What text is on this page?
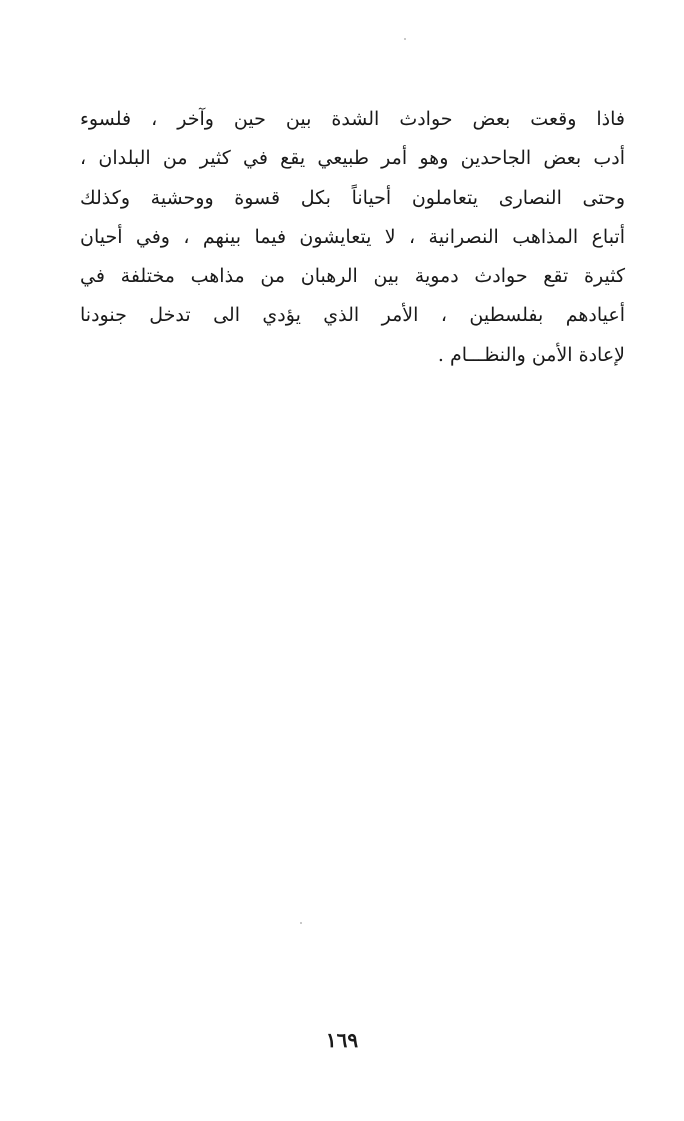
فاذا وقعت بعض حوادث الشدة بين حين وآخر ، فلسوء
أدب بعض الجاحدين وهو أمر طبيعي يقع في كثير من البلدان ،
وحتى النصارى يتعاملون أحياناً بكل قسوة ووحشية وكذلك
أتباع المذاهب النصرانية ، لا يتعايشون فيما بينهم ، وفي أحيان
كثيرة تقع حوادث دموية بين الرهبان من مذاهب مختلفة في
أعيادهم بفلسطين ، الأمر الذي يؤدي الى تدخل جنودنا
لإعادة الأمن والنظـــام .
١٦٩
